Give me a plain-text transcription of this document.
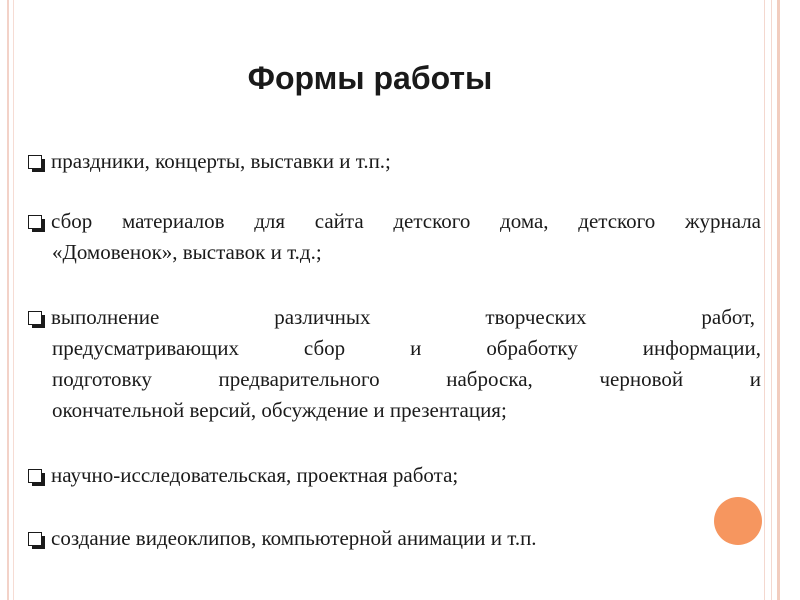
Формы работы
праздники, концерты, выставки и т.п.;
сбор материалов для сайта детского дома, детского журнала
«Домовенок», выставок и т.д.;
выполнение различных творческих работ,
предусматривающих сбор и обработку информации,
подготовку предварительного наброска, черновой и
окончательной версий, обсуждение и презентация;
научно-исследовательская, проектная работа;
создание видеоклипов, компьютерной анимации и т.п.
